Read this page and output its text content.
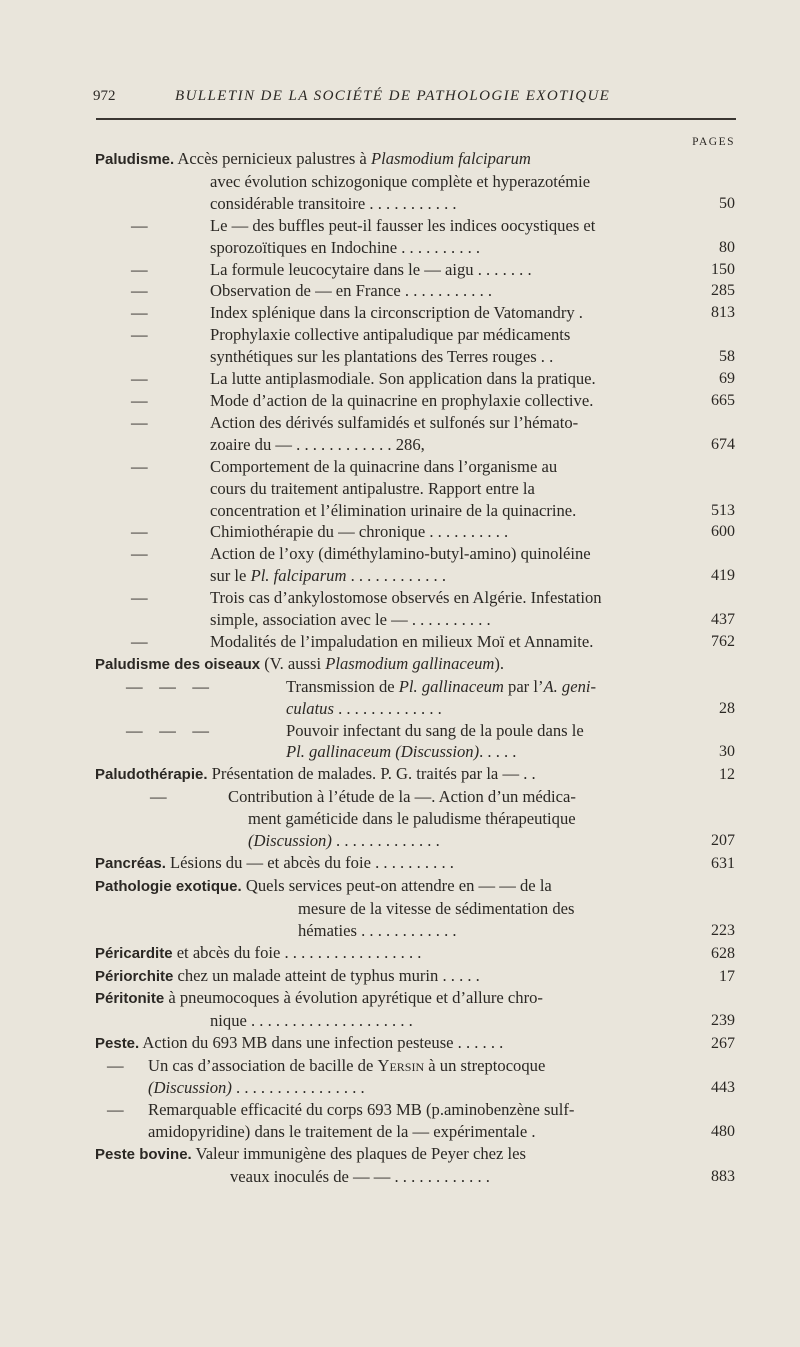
972	BULLETIN DE LA SOCIÉTÉ DE PATHOLOGIE EXOTIQUE
PAGES
Paludisme. Accès pernicieux palustres à Plasmodium falciparum
avec évolution schizogonique complète et hyperazotémie
considérable transitoire . . . . . . . . . . .	50
—	Le — des buffles peut-il fausser les indices oocystiques et
sporozoïtiques en Indochine . . . . . . . . . .	80
—	La formule leucocytaire dans le — aigu . . . . . . .	150
—	Observation de — en France . . . . . . . . . . .	285
—	Index splénique dans la circonscription de Vatomandry .	813
—	Prophylaxie collective antipaludique par médicaments
synthétiques sur les plantations des Terres rouges . .	58
—	La lutte antiplasmodiale. Son application dans la pratique.	69
—	Mode d’action de la quinacrine en prophylaxie collective.	665
—	Action des dérivés sulfamidés et sulfonés sur l’hémato-
zoaire du — . . . . . . . . . . . . 286,	674
—	Comportement de la quinacrine dans l’organisme au
cours du traitement antipalustre. Rapport entre la
concentration et l’élimination urinaire de la quinacrine.	513
—	Chimiothérapie du — chronique . . . . . . . . . .	600
—	Action de l’oxy (diméthylamino-butyl-amino) quinoléine
sur le Pl. falciparum . . . . . . . . . . . .	419
—	Trois cas d’ankylostomose observés en Algérie. Infestation
simple, association avec le — . . . . . . . . . .	437
—	Modalités de l’impaludation en milieux Moï et Annamite.	762
Paludisme des oiseaux (V. aussi Plasmodium gallinaceum).
—    —    —	Transmission de Pl. gallinaceum par l’A. geni-
culatus . . . . . . . . . . . . .	28
—    —    —	Pouvoir infectant du sang de la poule dans le
Pl. gallinaceum (Discussion). . . . .	30
Paludothérapie. Présentation de malades. P. G. traités par la — . .	12
—	Contribution à l’étude de la —. Action d’un médica-
ment gaméticide dans le paludisme thérapeutique
(Discussion) . . . . . . . . . . . . .	207
Pancréas. Lésions du — et abcès du foie . . . . . . . . . .	631
Pathologie exotique. Quels services peut-on attendre en — — de la
mesure de la vitesse de sédimentation des
hématies . . . . . . . . . . . .	223
Péricardite et abcès du foie . . . . . . . . . . . . . . . . .	628
Périorchite chez un malade atteint de typhus murin . . . . .	17
Péritonite à pneumocoques à évolution apyrétique et d’allure chro-
nique . . . . . . . . . . . . . . . . . . . .	239
Peste. Action du 693 MB dans une infection pesteuse . . . . . .	267
— Un cas d’association de bacille de Yersin à un streptocoque
(Discussion) . . . . . . . . . . . . . . . .	443
— Remarquable efficacité du corps 693 MB (p.aminobenzène sulf-
amidopyridine) dans le traitement de la — expérimentale .	480
Peste bovine. Valeur immunigène des plaques de Peyer chez les
veaux inoculés de — — . . . . . . . . . . . .	883
